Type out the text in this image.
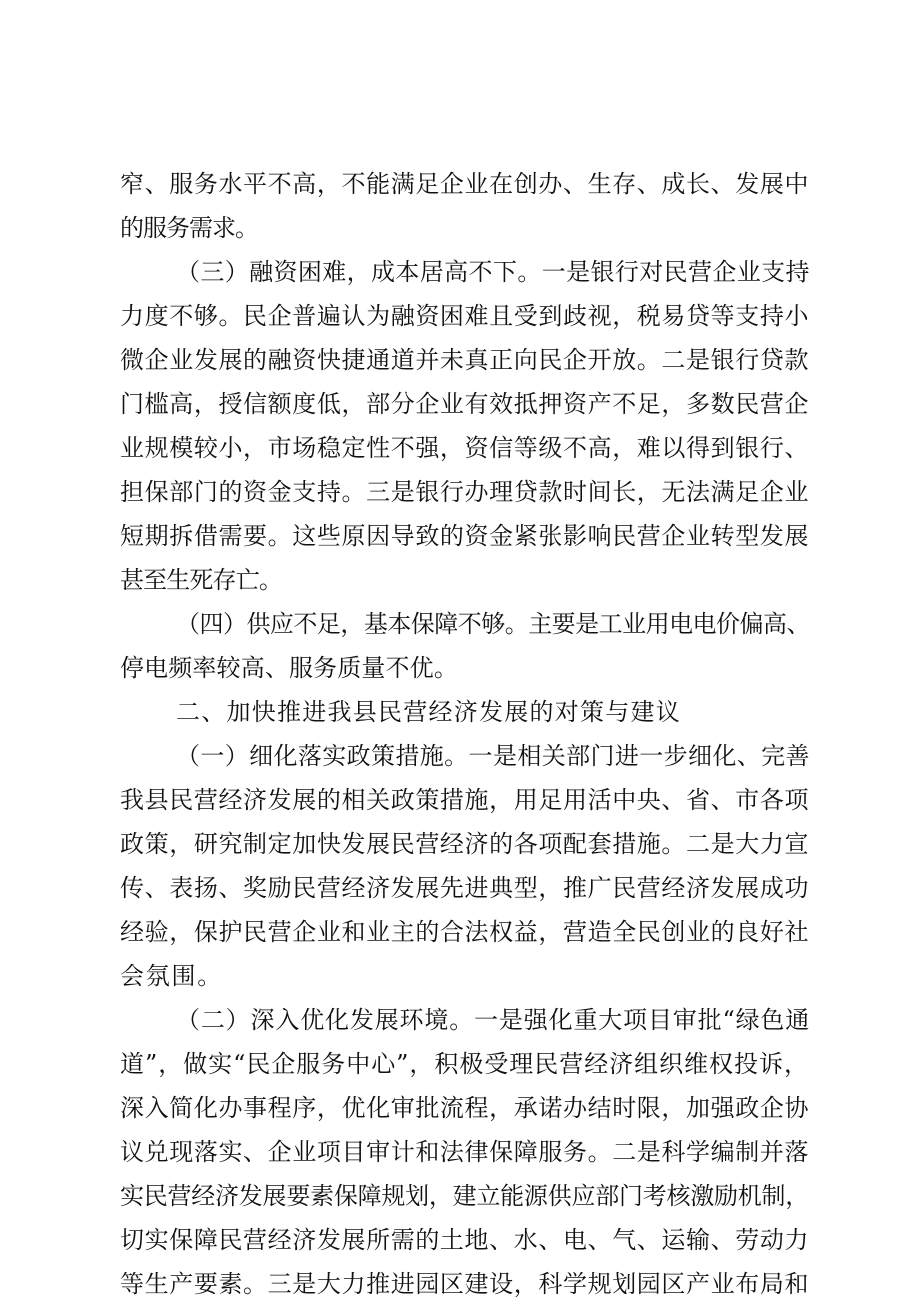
窄、服务水平不高，不能满足企业在创办、生存、成长、发展中
的服务需求。
（三）融资困难，成本居高不下。一是银行对民营企业支持
力度不够。民企普遍认为融资困难且受到歧视，税易贷等支持小
微企业发展的融资快捷通道并未真正向民企开放。二是银行贷款
门槛高，授信额度低，部分企业有效抵押资产不足，多数民营企
业规模较小，市场稳定性不强，资信等级不高，难以得到银行、
担保部门的资金支持。三是银行办理贷款时间长，无法满足企业
短期拆借需要。这些原因导致的资金紧张影响民营企业转型发展
甚至生死存亡。
（四）供应不足，基本保障不够。主要是工业用电电价偏高、
停电频率较高、服务质量不优。
二、加快推进我县民营经济发展的对策与建议
（一）细化落实政策措施。一是相关部门进一步细化、完善
我县民营经济发展的相关政策措施，用足用活中央、省、市各项
政策，研究制定加快发展民营经济的各项配套措施。二是大力宣
传、表扬、奖励民营经济发展先进典型，推广民营经济发展成功
经验，保护民营企业和业主的合法权益，营造全民创业的良好社
会氛围。
（二）深入优化发展环境。一是强化重大项目审批“绿色通
道”，做实“民企服务中心”，积极受理民营经济组织维权投诉，
深入简化办事程序，优化审批流程，承诺办结时限，加强政企协
议兑现落实、企业项目审计和法律保障服务。二是科学编制并落
实民营经济发展要素保障规划，建立能源供应部门考核激励机制，
切实保障民营经济发展所需的土地、水、电、气、运输、劳动力
等生产要素。三是大力推进园区建设，科学规划园区产业布局和
